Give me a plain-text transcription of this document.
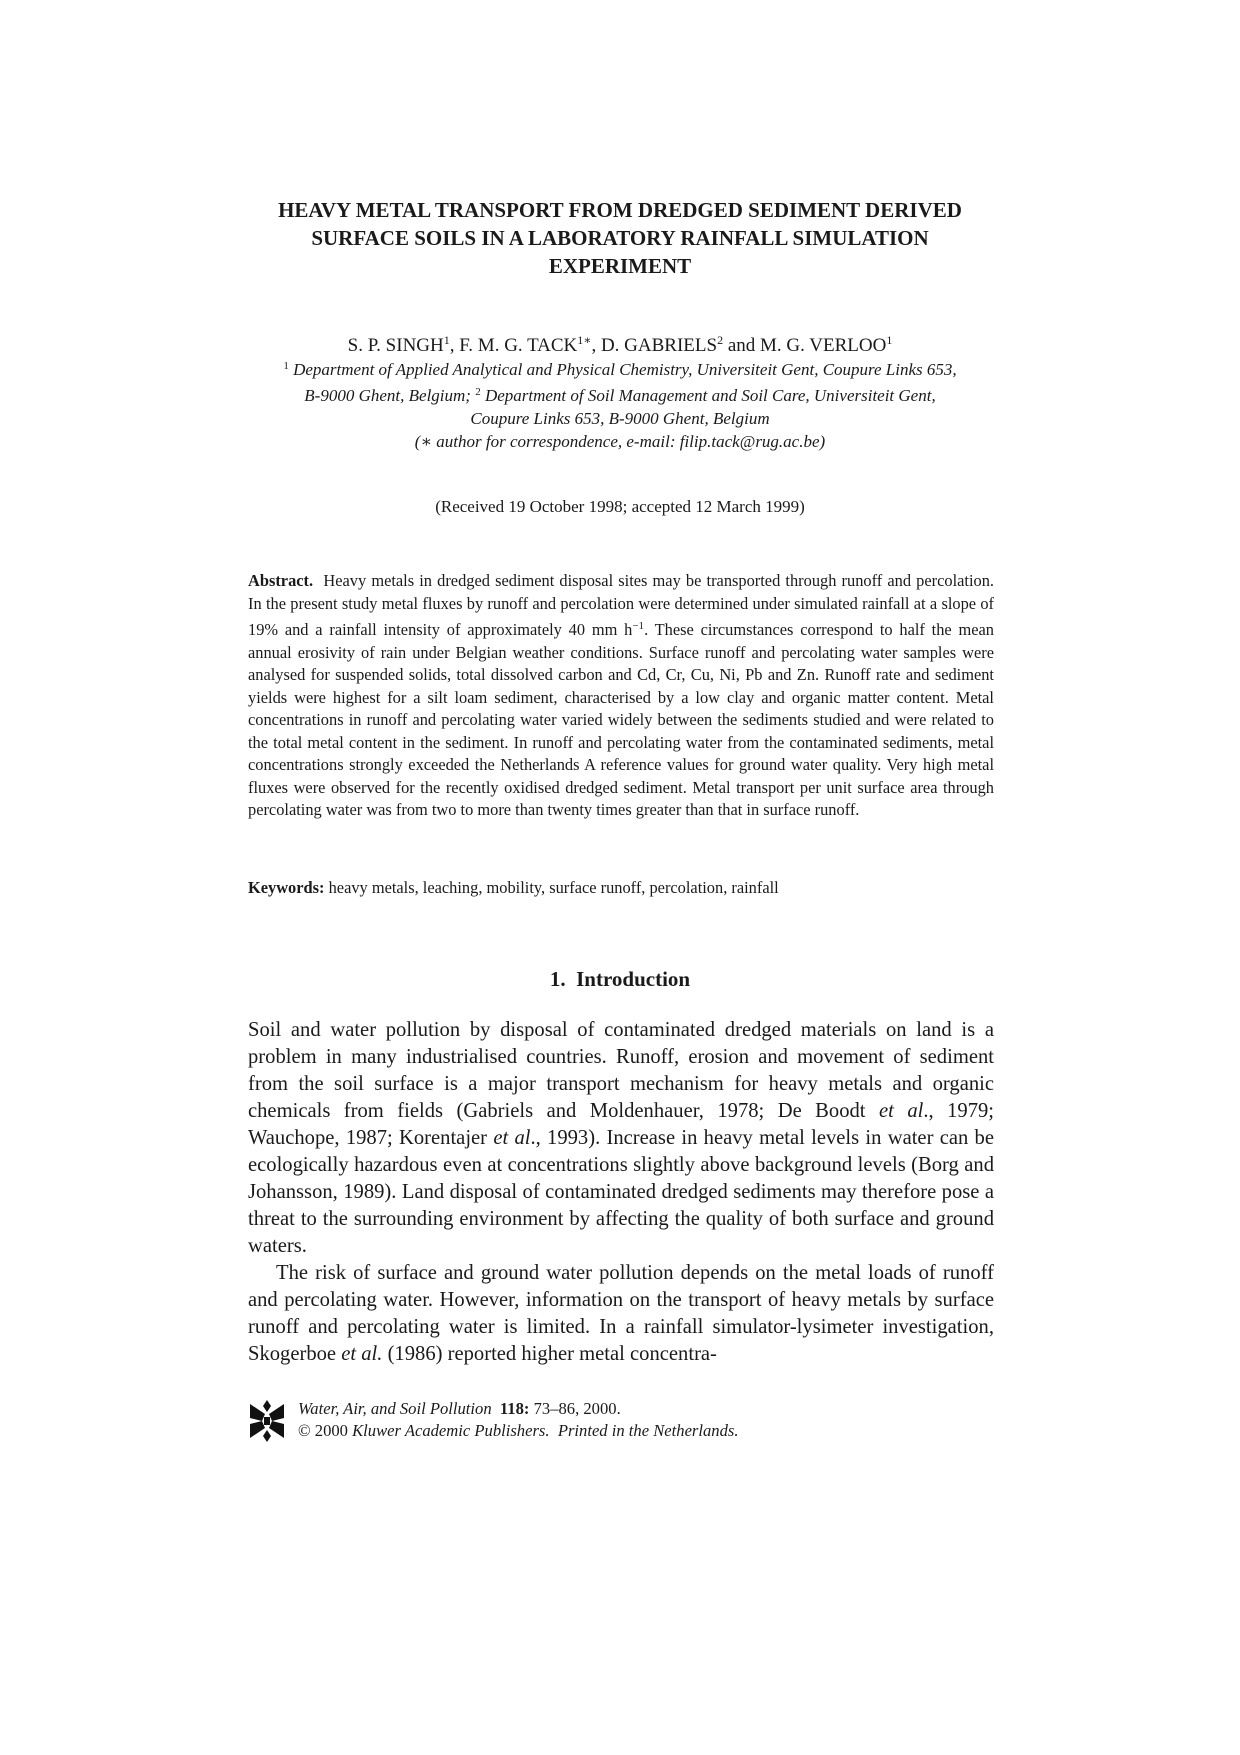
HEAVY METAL TRANSPORT FROM DREDGED SEDIMENT DERIVED
SURFACE SOILS IN A LABORATORY RAINFALL SIMULATION
EXPERIMENT
S. P. SINGH$^1$, F. M. G. $TACK^{1∗}$, D. GABRIELS$^2$ and M. G. VERLOO$^1$
$^1$ Department of Applied Analytical and Physical Chemistry, Universiteit Gent, Coupure Links 653,
B-9000 Ghent, Belgium; $^2$ Department of Soil Management and Soil Care, Universiteit Gent,
Coupure Links 653, B-9000 Ghent, Belgium
(∗ author for correspondence, e-mail: filip.tack@rug.ac.be)
(Received 19 October 1998; accepted 12 March 1999)
Abstract. Heavy metals in dredged sediment disposal sites may be transported through runoff and percolation. In the present study metal fluxes by runoff and percolation were determined under simulated rainfall at a slope of 19% and a rainfall intensity of approximately 40 mm $h^{-1}$. These circumstances correspond to half the mean annual erosivity of rain under Belgian weather conditions. Surface runoff and percolating water samples were analysed for suspended solids, total dissolved carbon and Cd, Cr, Cu, Ni, Pb and Zn. Runoff rate and sediment yields were highest for a silt loam sediment, characterised by a low clay and organic matter content. Metal concentrations in runoff and percolating water varied widely between the sediments studied and were related to the total metal content in the sediment. In runoff and percolating water from the contaminated sediments, metal concentrations strongly exceeded the Netherlands A reference values for ground water quality. Very high metal fluxes were observed for the recently oxidised dredged sediment. Metal transport per unit surface area through percolating water was from two to more than twenty times greater than that in surface runoff.
Keywords: heavy metals, leaching, mobility, surface runoff, percolation, rainfall
1. Introduction

Soil and water pollution by disposal of contaminated dredged materials on land is a problem in many industrialised countries. Runoff, erosion and movement of sediment from the soil surface is a major transport mechanism for heavy metals and organic chemicals from fields (Gabriels and Moldenhauer, 1978; De Boodt et al., 1979; Wauchope, 1987; Korentajer et al., 1993). Increase in heavy metal levels in water can be ecologically hazardous even at concentrations slightly above background levels (Borg and Johansson, 1989). Land disposal of contaminated dredged sediments may therefore pose a threat to the surrounding environment by affecting the quality of both surface and ground waters.

The risk of surface and ground water pollution depends on the metal loads of runoff and percolating water. However, information on the transport of heavy metals by surface runoff and percolating water is limited. In a rainfall simulator-lysimeter investigation, Skogerboe et al. (1986) reported higher metal concentra-

Water, Air, and Soil Pollution 118: 73–86, 2000.
© 2000 Kluwer Academic Publishers. Printed in the Netherlands.
